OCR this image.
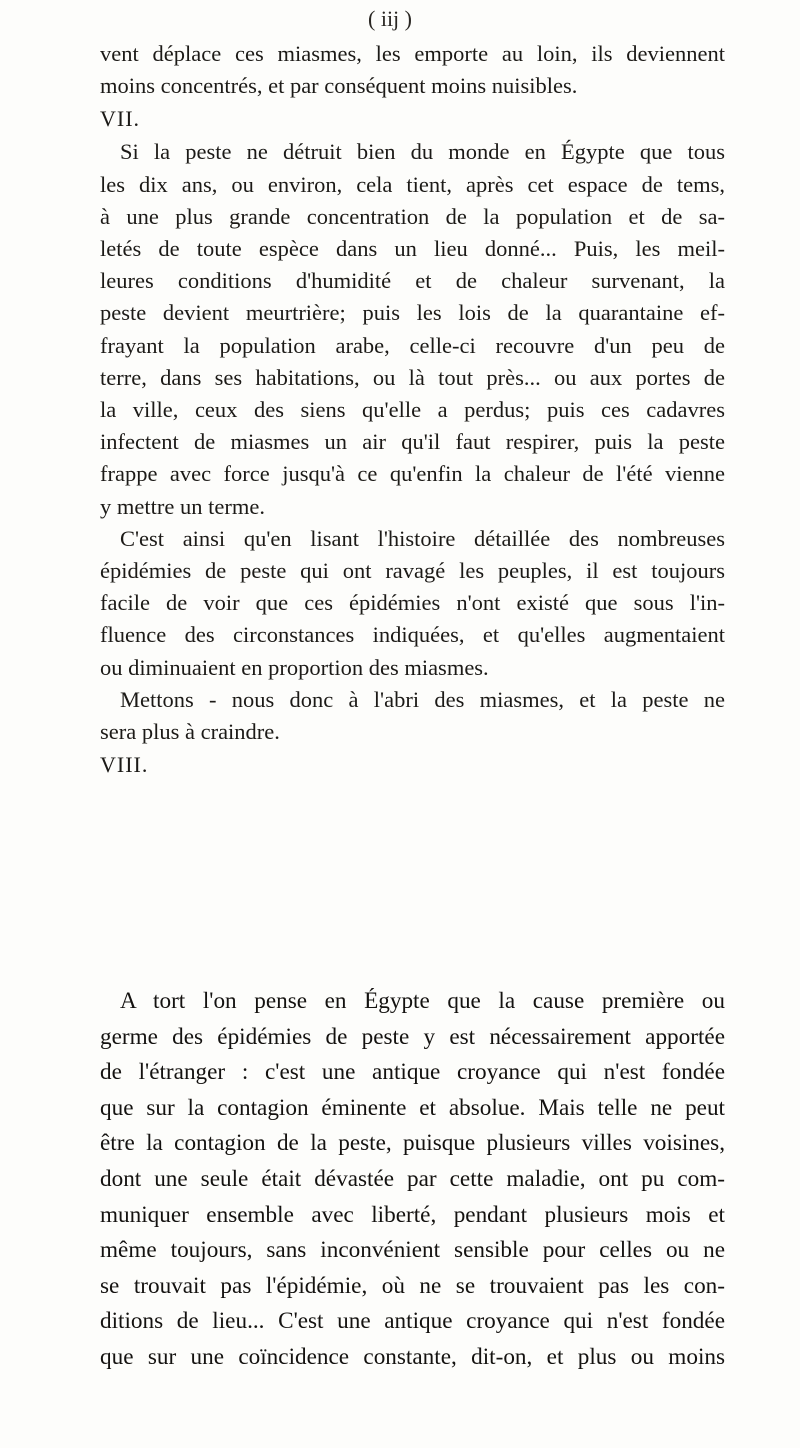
( iij )
vent déplace ces miasmes, les emporte au loin, ils deviennent
moins concentrés, et par conséquent moins nuisibles.
VII.
Si la peste ne détruit bien du monde en Égypte que tous
les dix ans, ou environ, cela tient, après cet espace de tems,
à une plus grande concentration de la population et de sa-
letés de toute espèce dans un lieu donné... Puis, les meil-
leures conditions d'humidité et de chaleur survenant, la
peste devient meurtrière; puis les lois de la quarantaine ef-
frayant la population arabe, celle-ci recouvre d'un peu de
terre, dans ses habitations, ou là tout près... ou aux portes de
la ville, ceux des siens qu'elle a perdus; puis ces cadavres
infectent de miasmes un air qu'il faut respirer, puis la peste
frappe avec force jusqu'à ce qu'enfin la chaleur de l'été vienne
y mettre un terme.
C'est ainsi qu'en lisant l'histoire détaillée des nombreuses
épidémies de peste qui ont ravagé les peuples, il est toujours
facile de voir que ces épidémies n'ont existé que sous l'in-
fluence des circonstances indiquées, et qu'elles augmentaient
ou diminuaient en proportion des miasmes.
Mettons - nous donc à l'abri des miasmes, et la peste ne
sera plus à craindre.
VIII.
A tort l'on pense en Égypte que la cause première ou
germe des épidémies de peste y est nécessairement apportée
de l'étranger : c'est une antique croyance qui n'est fondée
que sur la contagion éminente et absolue. Mais telle ne peut
être la contagion de la peste, puisque plusieurs villes voisines,
dont une seule était dévastée par cette maladie, ont pu com-
muniquer ensemble avec liberté, pendant plusieurs mois et
même toujours, sans inconvénient sensible pour celles ou ne
se trouvait pas l'épidémie, où ne se trouvaient pas les con-
ditions de lieu... C'est une antique croyance qui n'est fondée
que sur une coïncidence constante, dit-on, et plus ou moins
